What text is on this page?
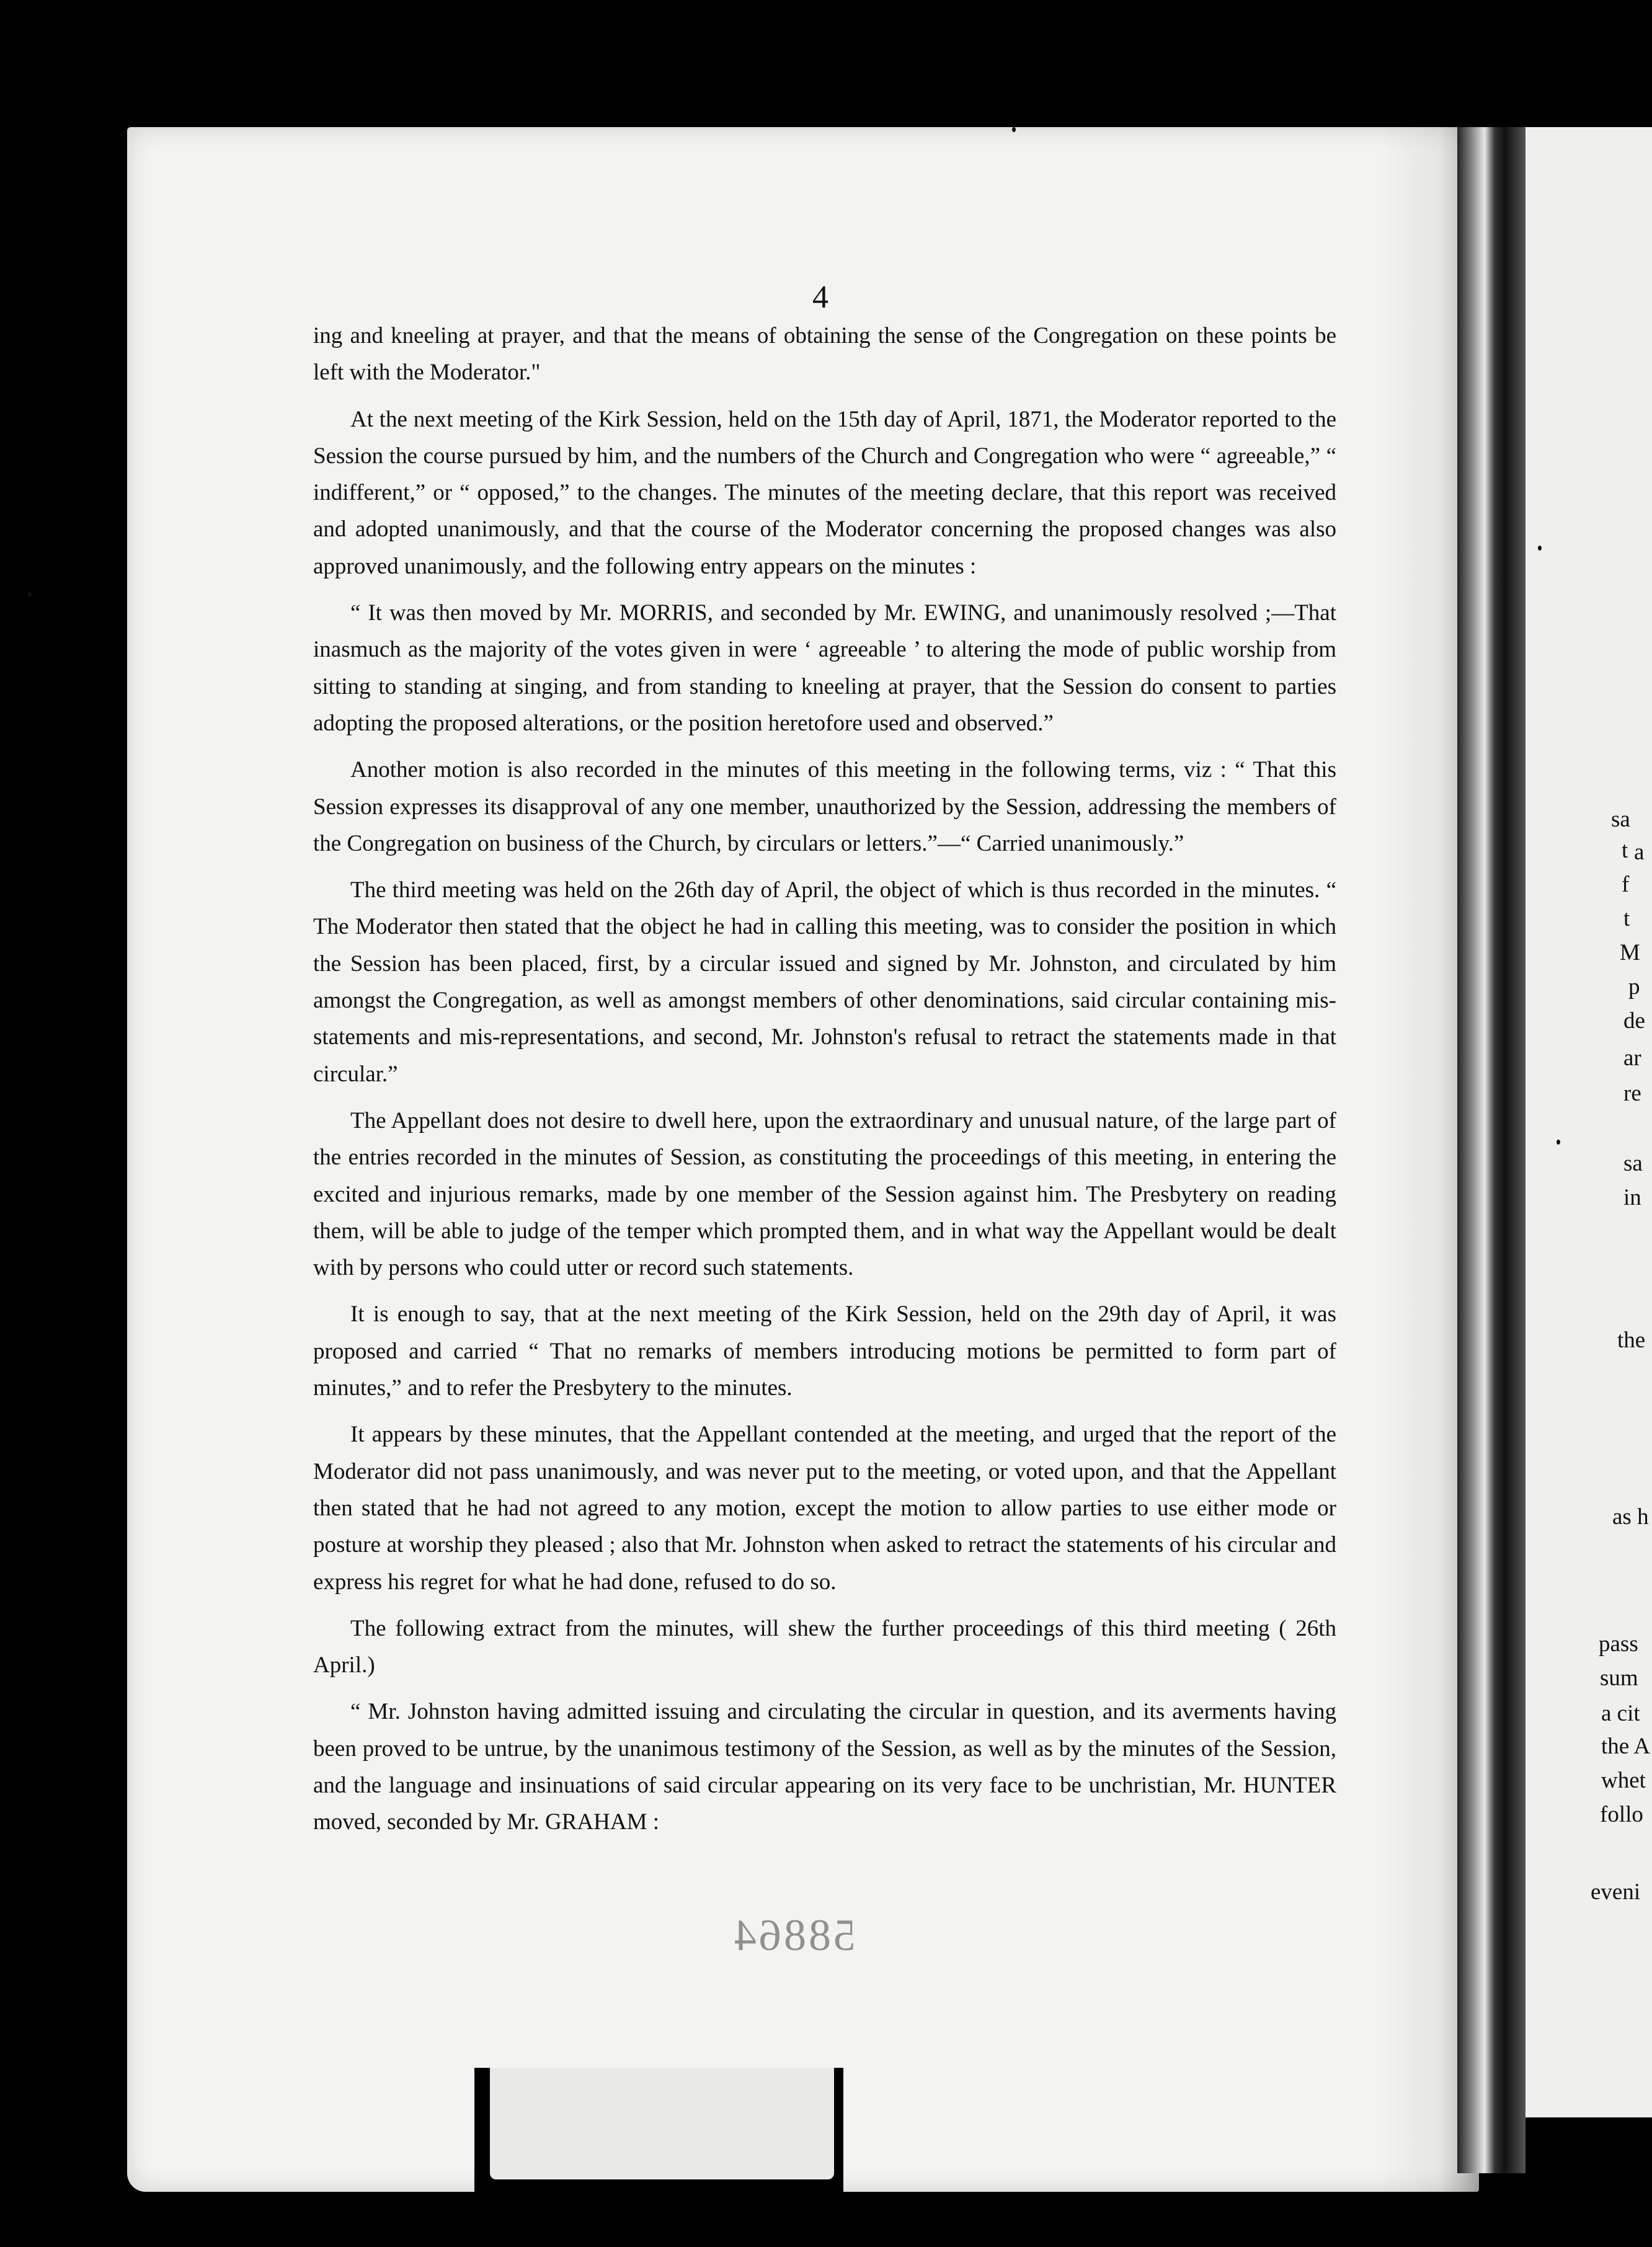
4

ing and kneeling at prayer, and that the means of obtaining the sense of the Congregation on these points be left with the Moderator."

At the next meeting of the Kirk Session, held on the 15th day of April, 1871, the Moderator reported to the Session the course pursued by him, and the numbers of the Church and Congregation who were “ agreeable,” “ indifferent,” or “ opposed,” to the changes. The minutes of the meeting declare, that this report was received and adopted unanimously, and that the course of the Moderator concerning the proposed changes was also approved unanimously, and the following entry appears on the minutes :

“ It was then moved by Mr. MORRIS, and seconded by Mr. EWING, and unanimously resolved ;—That inasmuch as the majority of the votes given in were ‘ agreeable ’ to altering the mode of public worship from sitting to standing at singing, and from standing to kneeling at prayer, that the Session do consent to parties adopting the proposed alterations, or the position heretofore used and observed.”

Another motion is also recorded in the minutes of this meeting in the following terms, viz : “ That this Session expresses its disapproval of any one member, unauthorized by the Session, addressing the members of the Congregation on business of the Church, by circulars or letters.”—“ Carried unanimously.”

The third meeting was held on the 26th day of April, the object of which is thus recorded in the minutes. “ The Moderator then stated that the object he had in calling this meeting, was to consider the position in which the Session has been placed, first, by a circular issued and signed by Mr. Johnston, and circulated by him amongst the Congregation, as well as amongst members of other denominations, said circular containing mis-statements and mis-representations, and second, Mr. Johnston's refusal to retract the statements made in that circular.”

The Appellant does not desire to dwell here, upon the extraordinary and unusual nature, of the large part of the entries recorded in the minutes of Session, as constituting the proceedings of this meeting, in entering the excited and injurious remarks, made by one member of the Session against him. The Presbytery on reading them, will be able to judge of the temper which prompted them, and in what way the Appellant would be dealt with by persons who could utter or record such statements.

It is enough to say, that at the next meeting of the Kirk Session, held on the 29th day of April, it was proposed and carried “ That no remarks of members introducing motions be permitted to form part of minutes,” and to refer the Presbytery to the minutes.

It appears by these minutes, that the Appellant contended at the meeting, and urged that the report of the Moderator did not pass unanimously, and was never put to the meeting, or voted upon, and that the Appellant then stated that he had not agreed to any motion, except the motion to allow parties to use either mode or posture at worship they pleased ; also that Mr. Johnston when asked to retract the statements of his circular and express his regret for what he had done, refused to do so.

The following extract from the minutes, will shew the further proceedings of this third meeting ( 26th April.)

“ Mr. Johnston having admitted issuing and circulating the circular in question, and its averments having been proved to be untrue, by the unanimous testimony of the Session, as well as by the minutes of the Session, and the language and insinuations of said circular appearing on its very face to be unchristian, Mr. HUNTER moved, seconded by Mr. GRAHAM :

58864
sa
t
f
t
a
M
p
de
ar
re
sa
in
the
as h
pass
sum
a cit
the A
whet
follo
eveni
